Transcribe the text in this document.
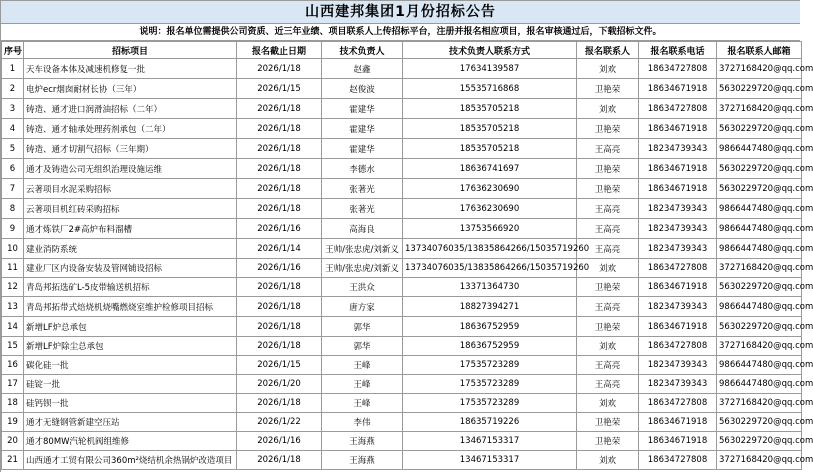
山西建邦集团1月份招标公告
说明：报名单位需提供公司资质、近三年业绩、项目联系人上传招标平台，注册并报名相应项目，报名审核通过后，下载招标文件。
序号	招标项目	报名截止日期	技术负责人	技术负责人联系方式	报名联系人	报名联系电话	报名联系人邮箱
1	天车设备本体及减速机修复一批	2026/1/18	赵鑫	17634139587	刘欢	18634727808	3727168420@qq.com
2	电炉ecr烟囱耐材长协（三年）	2026/1/15	赵俊波	15535716868	卫艳荣	18634671918	5630229720@qq.com
3	铸造、通才进口润滑油招标（二年）	2026/1/18	霍建华	18535705218	刘欢	18634727808	3727168420@qq.com
4	铸造、通才轴承处理药剂承包（二年）	2026/1/18	霍建华	18535705218	卫艳荣	18634671918	5630229720@qq.com
5	铸造、通才切割气招标（三年期）	2026/1/18	霍建华	18535705218	王高亮	18234739343	9866447480@qq.com
6	通才及铸造公司无组织治理设施运维	2026/1/18	李德水	18636741697	卫艳荣	18634671918	5630229720@qq.com
7	云著项目水泥采购招标	2026/1/18	张著光	17636230690	卫艳荣	18634671918	5630229720@qq.com
8	云著项目机红砖采购招标	2026/1/18	张著光	17636230690	王高亮	18234739343	9866447480@qq.com
9	通才炼铁厂2#高炉布料溜槽	2026/1/16	高海良	13753566920	王高亮	18234739343	9866447480@qq.com
10	建业消防系统	2026/1/14	王帅/张忠虎/刘新义	13734076035/13835864266/15035719260	王高亮	18234739343	9866447480@qq.com
11	建业厂区内设备安装及管网铺设招标	2026/1/16	王帅/张忠虎/刘新义	13734076035/13835864266/15035719260	刘欢	18634727808	3727168420@qq.com
12	青岛邦拓选矿L-5皮带输送机招标	2026/1/18	王洪众	13371364730	卫艳荣	18634671918	5630229720@qq.com
13	青岛邦拓带式焙烧机烧嘴燃烧室维护检修项目招标	2026/1/18	唐方家	18827394271	王高亮	18234739343	9866447480@qq.com
14	新增LF炉总承包	2026/1/18	郭华	18636752959	卫艳荣	18634671918	5630229720@qq.com
15	新增LF炉除尘总承包	2026/1/18	郭华	18636752959	刘欢	18634727808	3727168420@qq.com
16	碳化硅一批	2026/1/15	王峰	17535723289	王高亮	18234739343	9866447480@qq.com
17	硅锭一批	2026/1/20	王峰	17535723289	王高亮	18234739343	9866447480@qq.com
18	硅钙钡一批	2026/1/18	王峰	17535723289	刘欢	18634727808	3727168420@qq.com
19	通才无缝钢管新建空压站	2026/1/22	李伟	18635719226	卫艳荣	18634671918	5630229720@qq.com
20	通才80MW汽轮机阀组维修	2026/1/16	王海燕	13467153317	卫艳荣	18634671918	5630229720@qq.com
21	山西通才工贸有限公司360m²烧结机余热锅炉改造项目	2026/1/18	王海燕	13467153317	刘欢	18634727808	3727168420@qq.com
